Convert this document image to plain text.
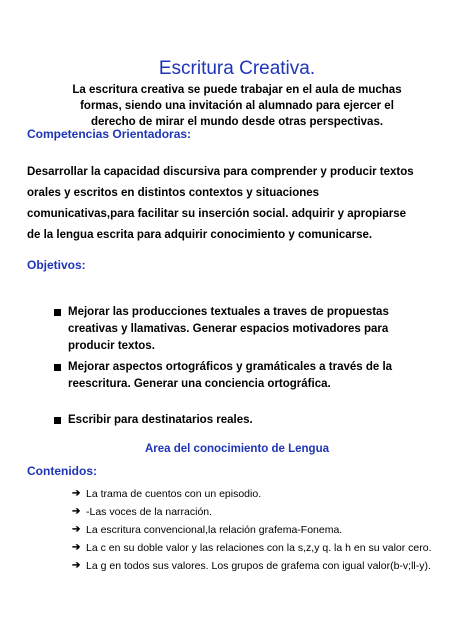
Escritura Creativa.
La escritura creativa se puede trabajar en el aula de muchas formas, siendo una invitación al alumnado para ejercer el derecho de mirar el mundo desde otras perspectivas.
Competencias Orientadoras:
Desarrollar la capacidad discursiva para comprender y producir textos orales y escritos en distintos contextos y situaciones comunicativas,para facilitar su inserción social. adquirir y apropiarse de la lengua escrita para adquirir conocimiento y comunicarse.
Objetivos:
Mejorar las producciones textuales a traves de propuestas creativas y llamativas. Generar espacios motivadores para producir textos.
Mejorar aspectos ortográficos y gramáticales a través de la reescritura. Generar una conciencia ortográfica.
Escribir para destinatarios reales.
Area del conocimiento de Lengua
Contenidos:
➔ La trama de cuentos con un episodio.
➔ -Las voces de la narración.
➔ La escritura convencional,la relación grafema-Fonema.
➔ La c en su doble valor y las relaciones con la s,z,y q. la h en su valor cero.
➔ La g en todos sus valores. Los grupos de grafema con igual valor(b-v;ll-y).
